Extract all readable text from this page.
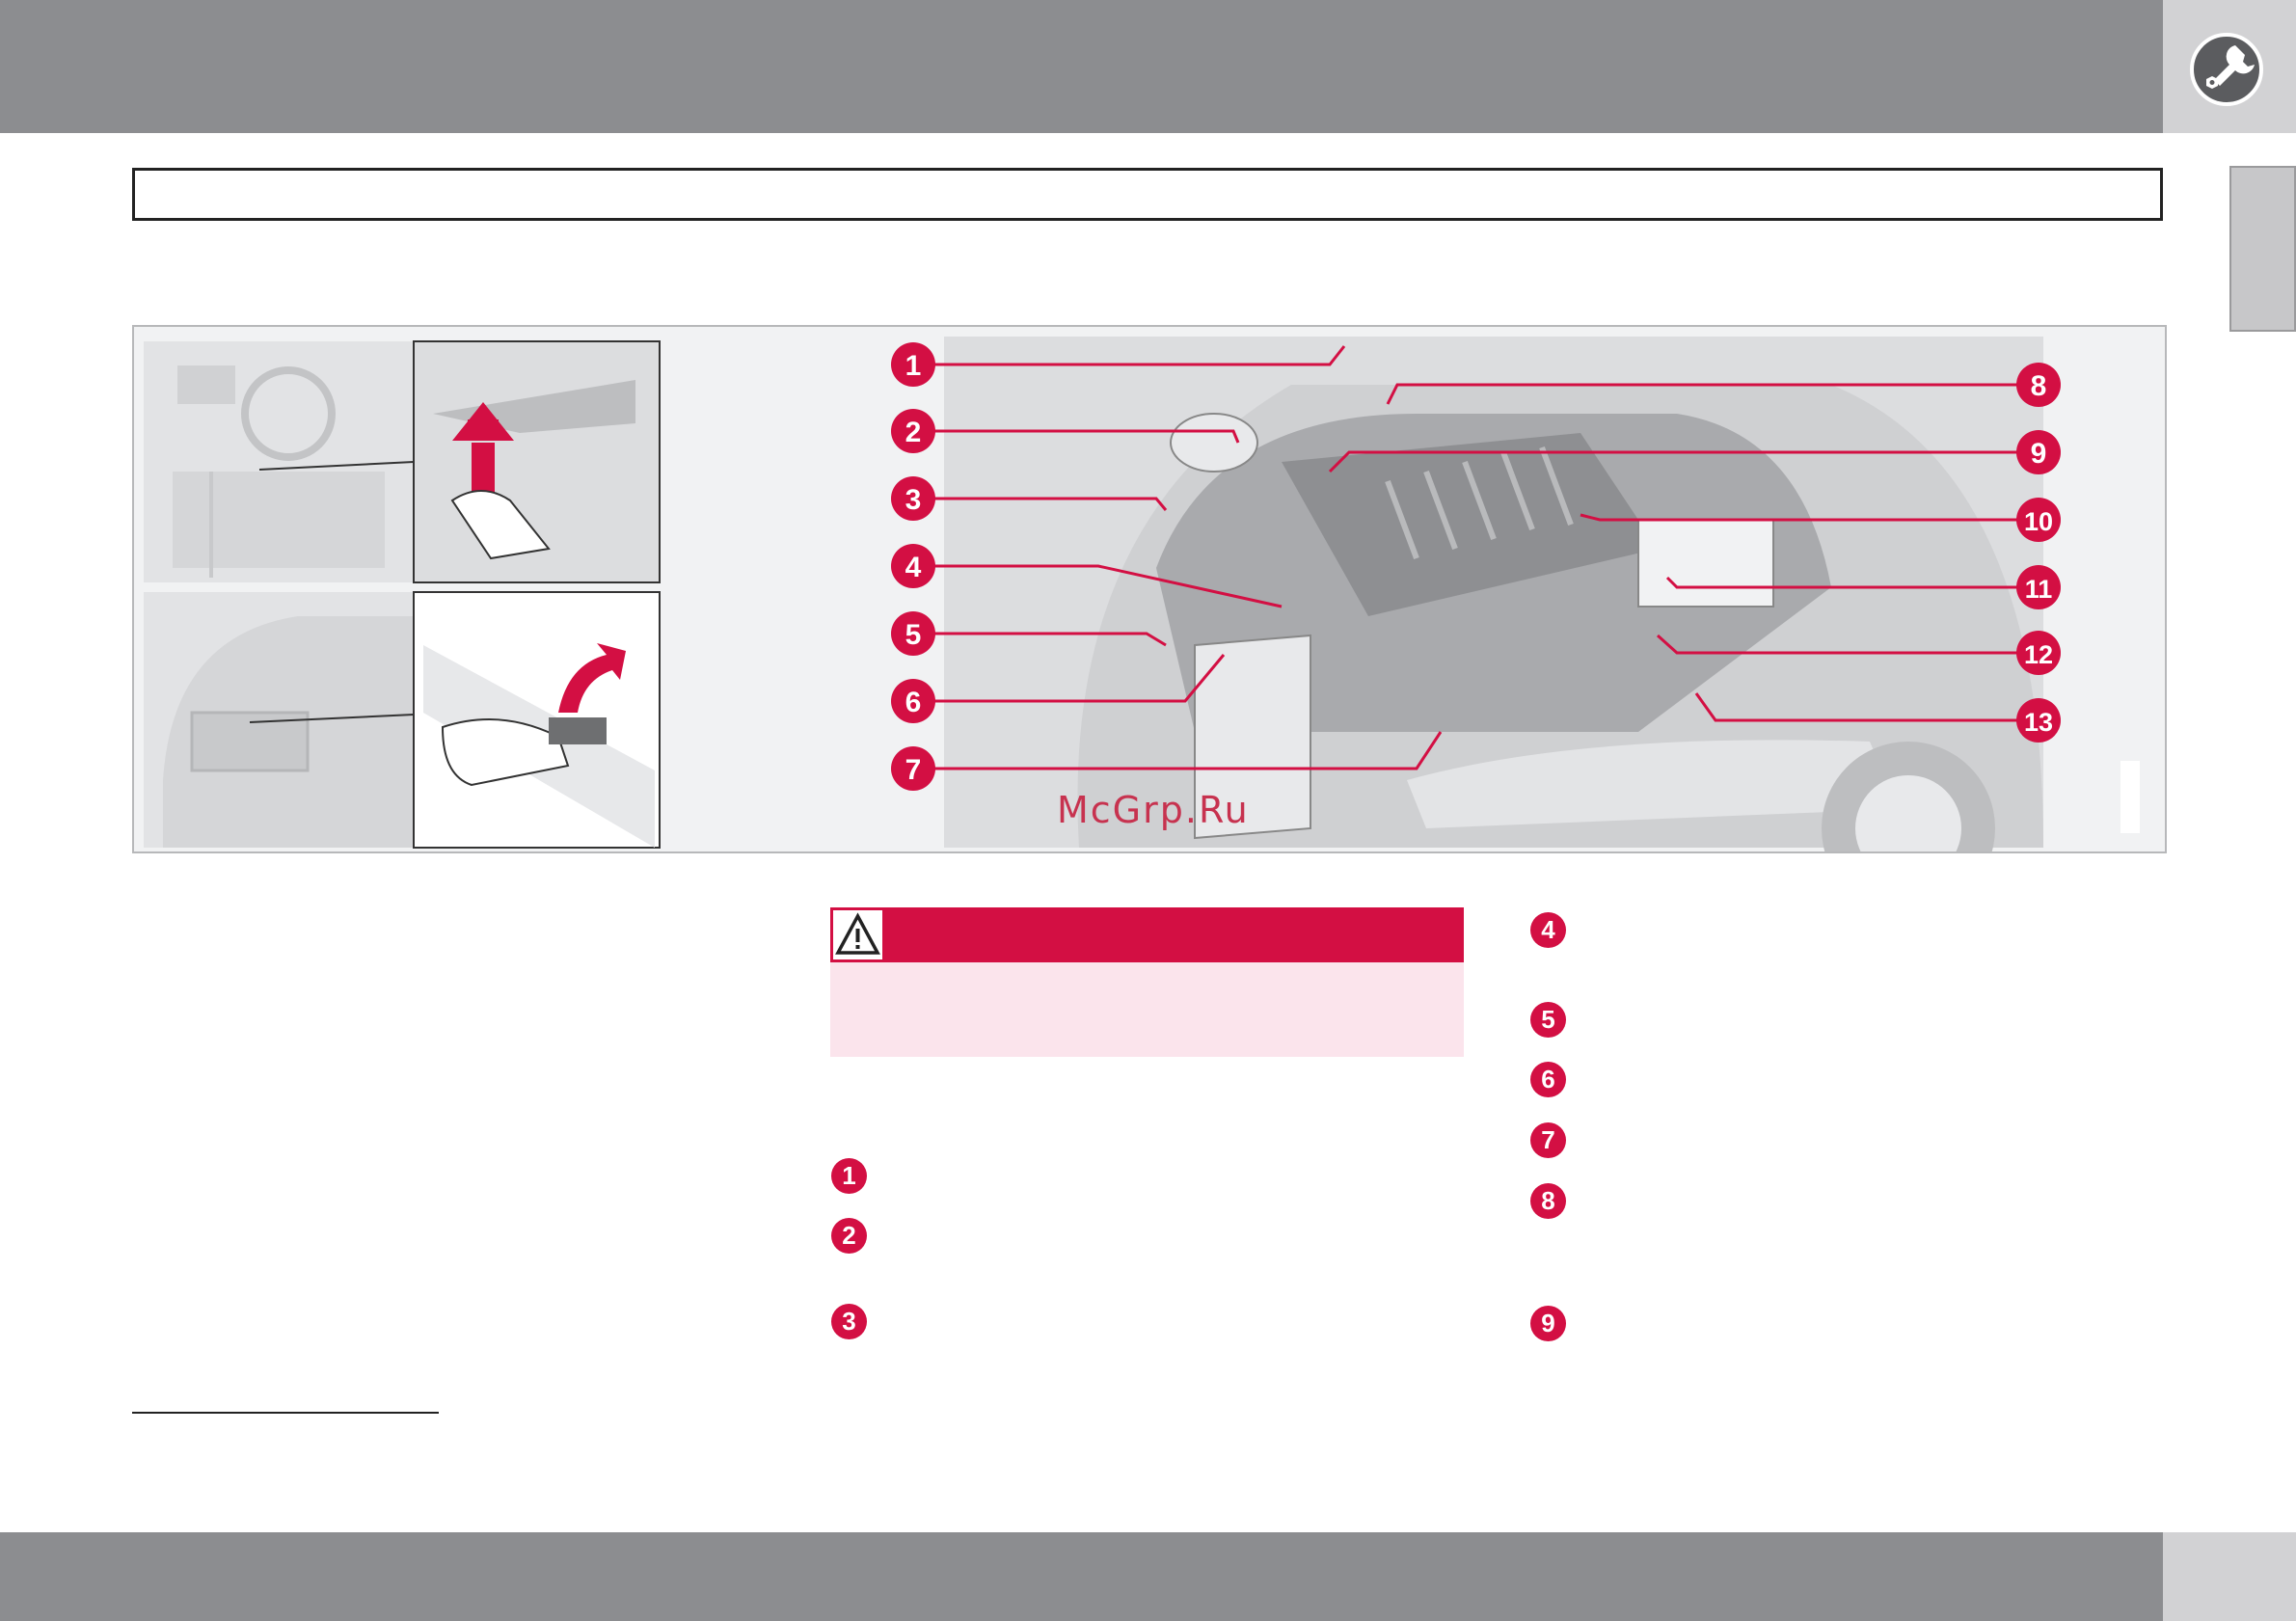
1
2
3
4
5
6
7
8
9
10
11
12
13
McGrp.Ru
1
2
3
4
5
6
7
8
9
